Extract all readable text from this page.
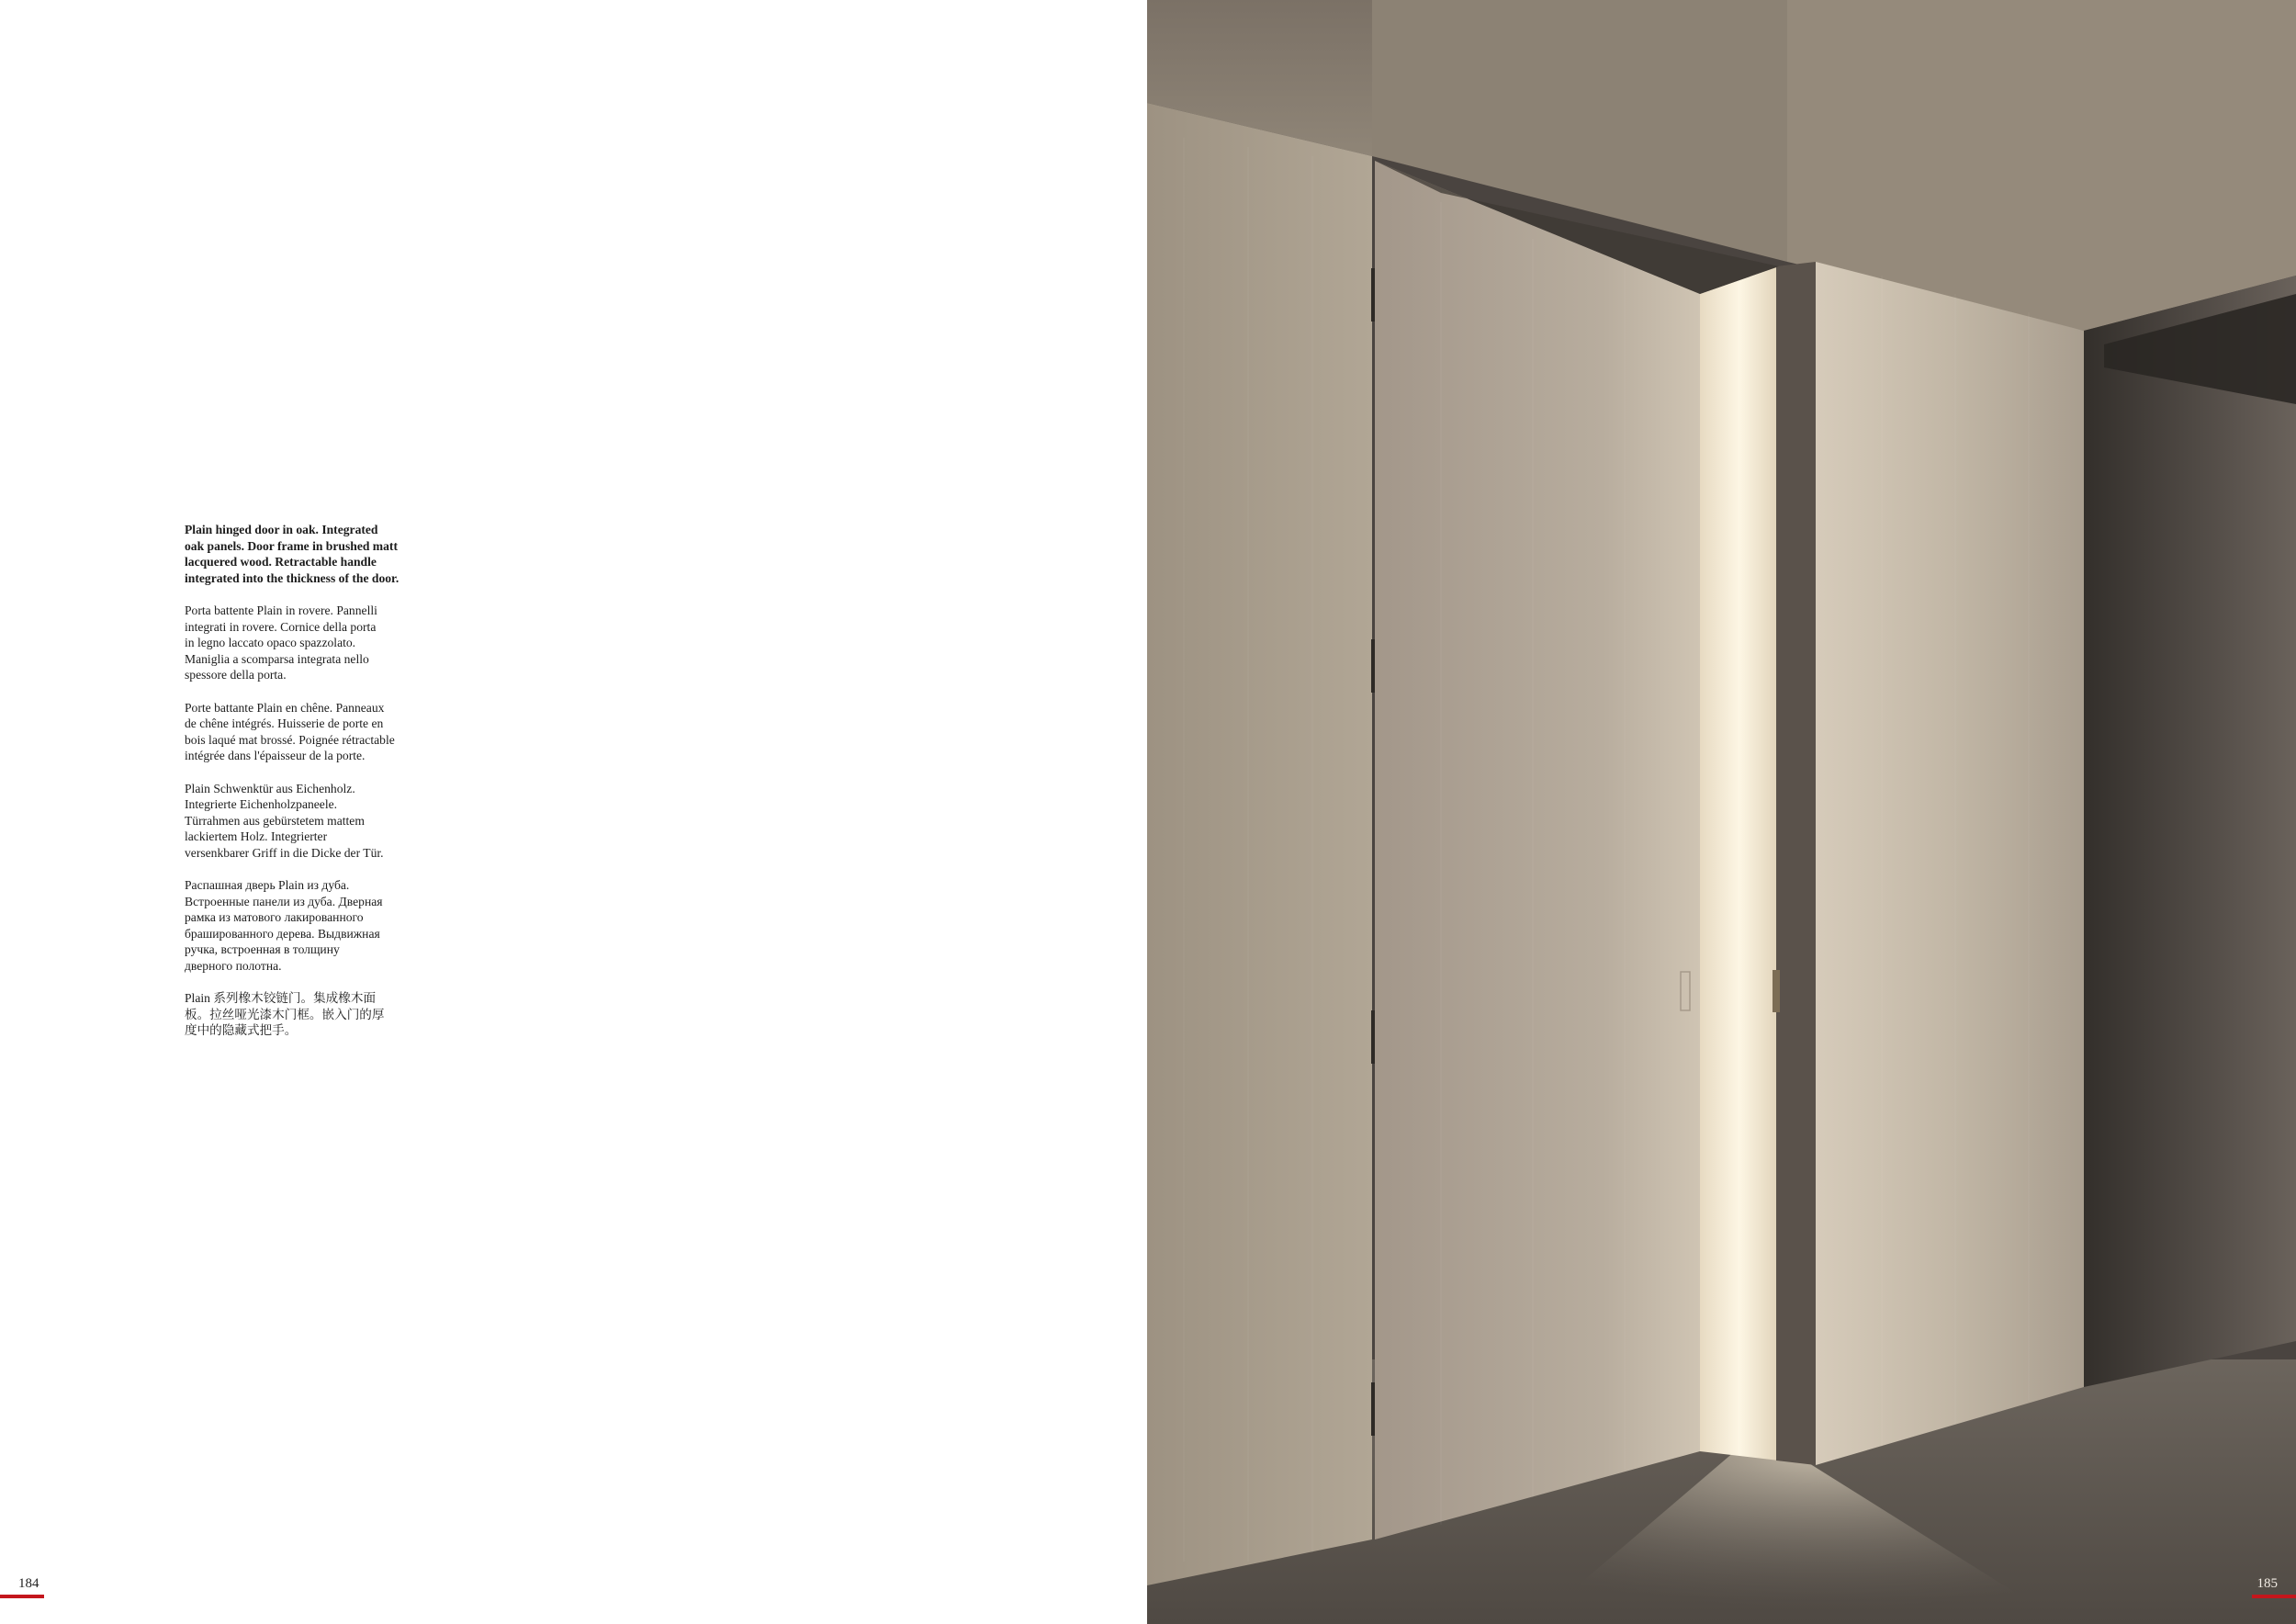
Plain hinged door in oak. Integrated
oak panels. Door frame in brushed matt
lacquered wood. Retractable handle
integrated into the thickness of the door.

Porta battente Plain in rovere. Pannelli
integrati in rovere. Cornice della porta
in legno laccato opaco spazzolato.
Maniglia a scomparsa integrata nello
spessore della porta.

Porte battante Plain en chêne. Panneaux
de chêne intégrés. Huisserie de porte en
bois laqué mat brossé. Poignée rétractable
intégrée dans l'épaisseur de la porte.

Plain Schwenktür aus Eichenholz.
Integrierte Eichenholzpaneele.
Türrahmen aus gebürstetem mattem
lackiertem Holz. Integrierter
versenkbarer Griff in die Dicke der Tür.

Распашная дверь Plain из дуба.
Встроенные панели из дуба. Дверная
рамка из матового лакированного
брашированного дерева. Выдвижная
ручка, встроенная в толщину
дверного полотна.

Plain 系列橡木铰链门。集成橡木面
板。拉丝哑光漆木门框。嵌入门的厚
度中的隐藏式把手。

184	185
